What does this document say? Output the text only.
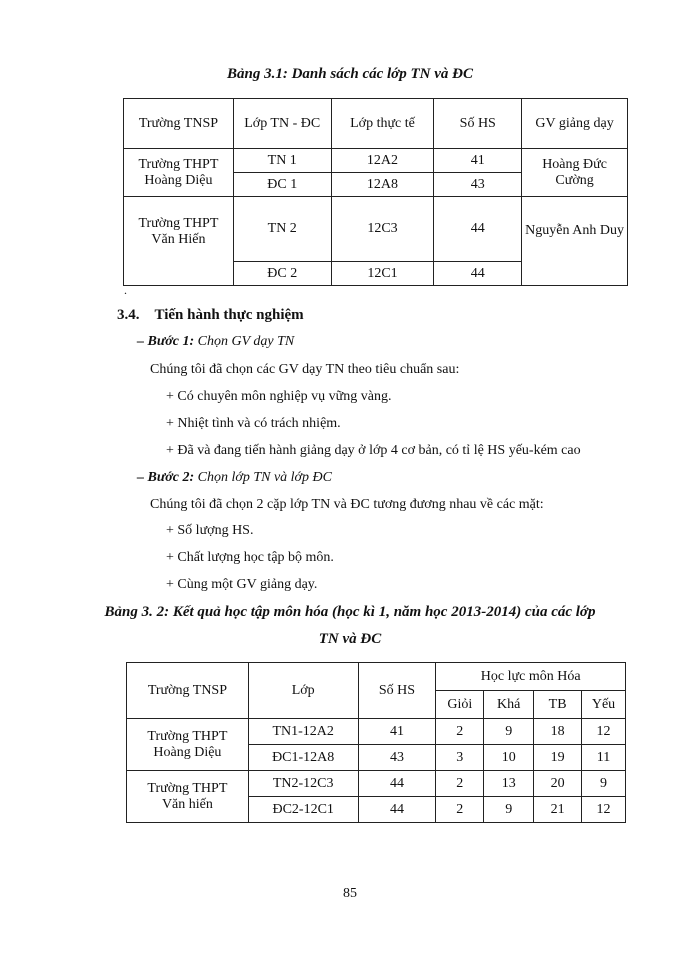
Bảng 3.1: Danh sách các lớp TN và ĐC
Trường TNSP	Lớp TN - ĐC	Lớp thực tế	Số HS	GV giảng dạy
Trường THPT Hoàng Diệu	TN 1	12A2	41	Hoàng Đức Cường
	ĐC 1	12A8	43	
Trường THPT Văn Hiến	TN 2	12C3	44	Nguyễn Anh Duy
	ĐC 2	12C1	44	
.
3.4.    Tiến hành thực nghiệm
– Bước 1: Chọn GV dạy TN
Chúng tôi đã chọn các GV dạy TN theo tiêu chuẩn sau:
+ Có chuyên môn nghiệp vụ vững vàng.
+ Nhiệt tình và có trách nhiệm.
+ Đã và đang tiến hành giảng dạy ở lớp 4 cơ bản, có tỉ lệ HS yếu-kém cao
– Bước 2: Chọn lớp TN và lớp ĐC
Chúng tôi đã chọn 2 cặp lớp TN và ĐC tương đương nhau về các mặt:
+ Số lượng HS.
+ Chất lượng học tập bộ môn.
+ Cùng một GV giảng dạy.
Bảng 3. 2: Kết quả học tập môn hóa (học kì 1, năm học 2013-2014) của các lớp
TN và ĐC
Trường TNSP	Lớp	Số HS	Học lực môn Hóa			
			Giỏi	Khá	TB	Yếu
Trường THPT Hoàng Diệu	TN1-12A2	41	2	9	18	12
	ĐC1-12A8	43	3	10	19	11
Trường THPT Văn hiến	TN2-12C3	44	2	13	20	9
	ĐC2-12C1	44	2	9	21	12
85
